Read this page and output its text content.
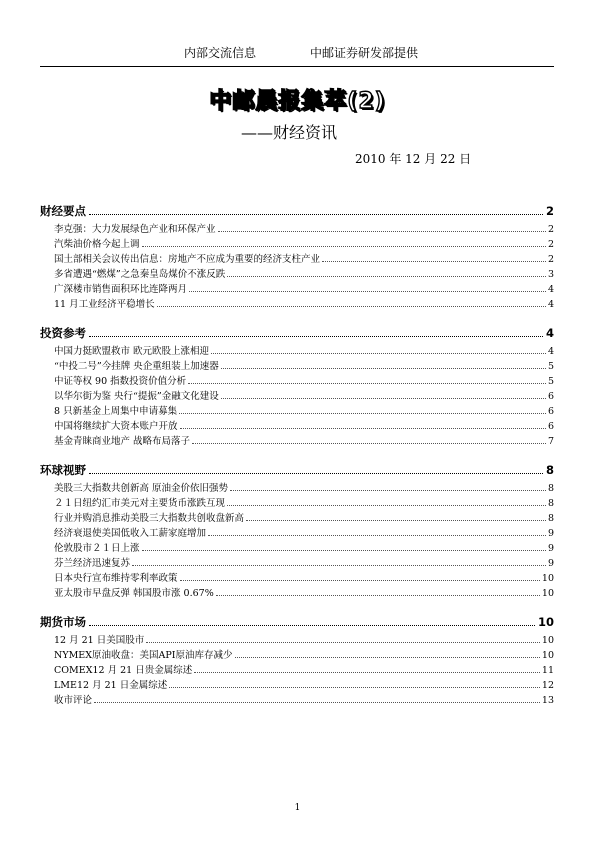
内部交流信息	中邮证券研发部提供
中邮晨报集萃(2)
——财经资讯
2010 年 12 月 22 日
财经要点	2
李克强：大力发展绿色产业和环保产业	2
汽柴油价格今起上调	2
国土部相关会议传出信息：房地产不应成为重要的经济支柱产业	2
多省遭遇“燃煤”之急秦皇岛煤价不涨反跌	3
广深楼市销售面积环比连降两月	4
11 月工业经济平稳增长	4
投资参考	4
中国力挺欧盟救市 欧元欧股上涨相迎	4
“中投二号”今挂牌 央企重组装上加速器	5
中证等权 90 指数投资价值分析	5
以华尔街为鉴 央行“提振”金融文化建设	6
8 只新基金上周集中申请募集	6
中国将继续扩大资本账户开放	6
基金青睐商业地产 战略布局落子	7
环球视野	8
美股三大指数共创新高 原油金价依旧强势	8
２１日纽约汇市美元对主要货币涨跌互现	8
行业并购消息推动美股三大指数共创收盘新高	8
经济衰退使美国低收入工薪家庭增加	9
伦敦股市２１日上涨	9
芬兰经济迅速复苏	9
日本央行宣布维持零利率政策	10
亚太股市早盘反弹 韩国股市涨 0.67%	10
期货市场	10
12 月 21 日美国股市	10
NYMEX原油收盘：美国API原油库存减少	10
COMEX12 月 21 日贵金属综述	11
LME12 月 21 日金属综述	12
收市评论	13
1
